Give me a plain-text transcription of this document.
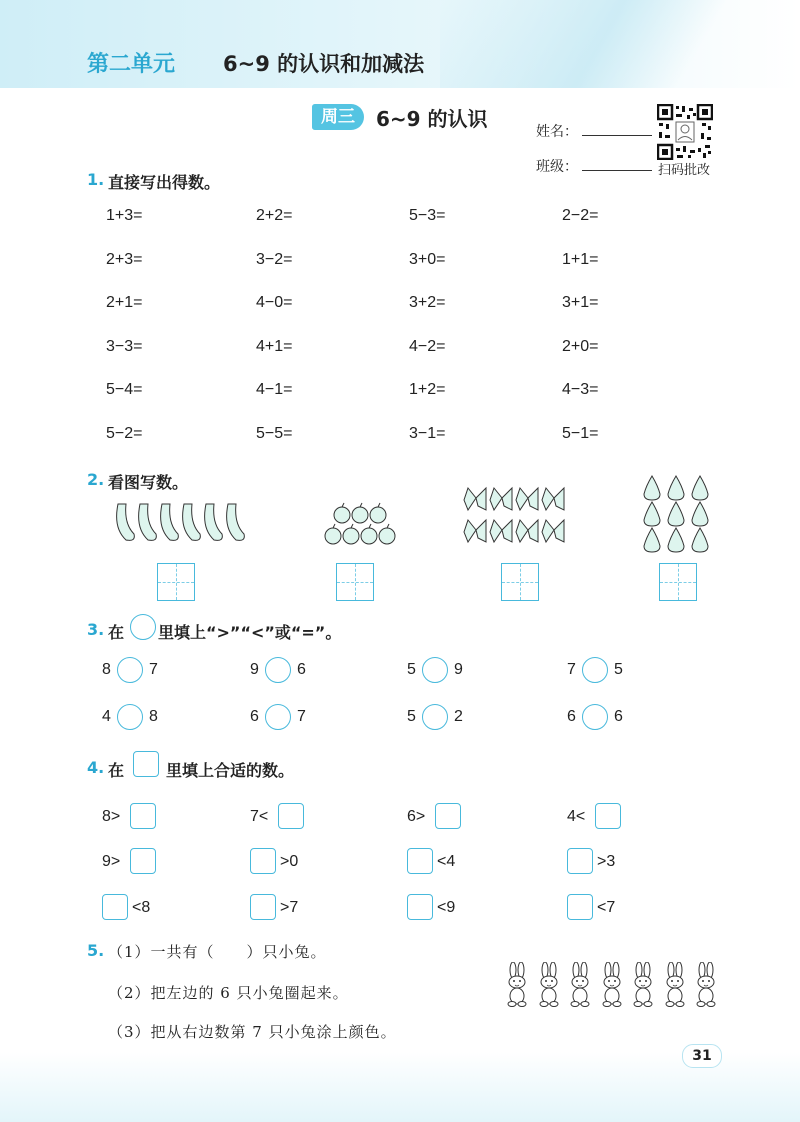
第二单元 6~9 的认识和加减法
周三	6~9 的认识
姓名：
班级：	扫码批改
1. 直接写出得数。
1+3=	2+2=	5−3=	2−2=
2+3=	3−2=	3+0=	1+1=
2+1=	4−0=	3+2=	3+1=
3−3=	4+1=	4−2=	2+0=
5−4=	4−1=	1+2=	4−3=
5−2=	5−5=	3−1=	5−1=
2. 看图写数。
3. 在 里填上“>”“<”或“=”。
8 7	9 6	5 9	7 5
4 8	6 7	5 2	6 6
4. 在	里填上合适的数。
8>	7<	6>	4<
9>	>0	<4	>3
<8	>7	<9	<7
5. （1）一共有（　　）只小兔。
（2）把左边的 6 只小兔圈起来。
（3）把从右边数第 7 只小兔涂上颜色。
31
